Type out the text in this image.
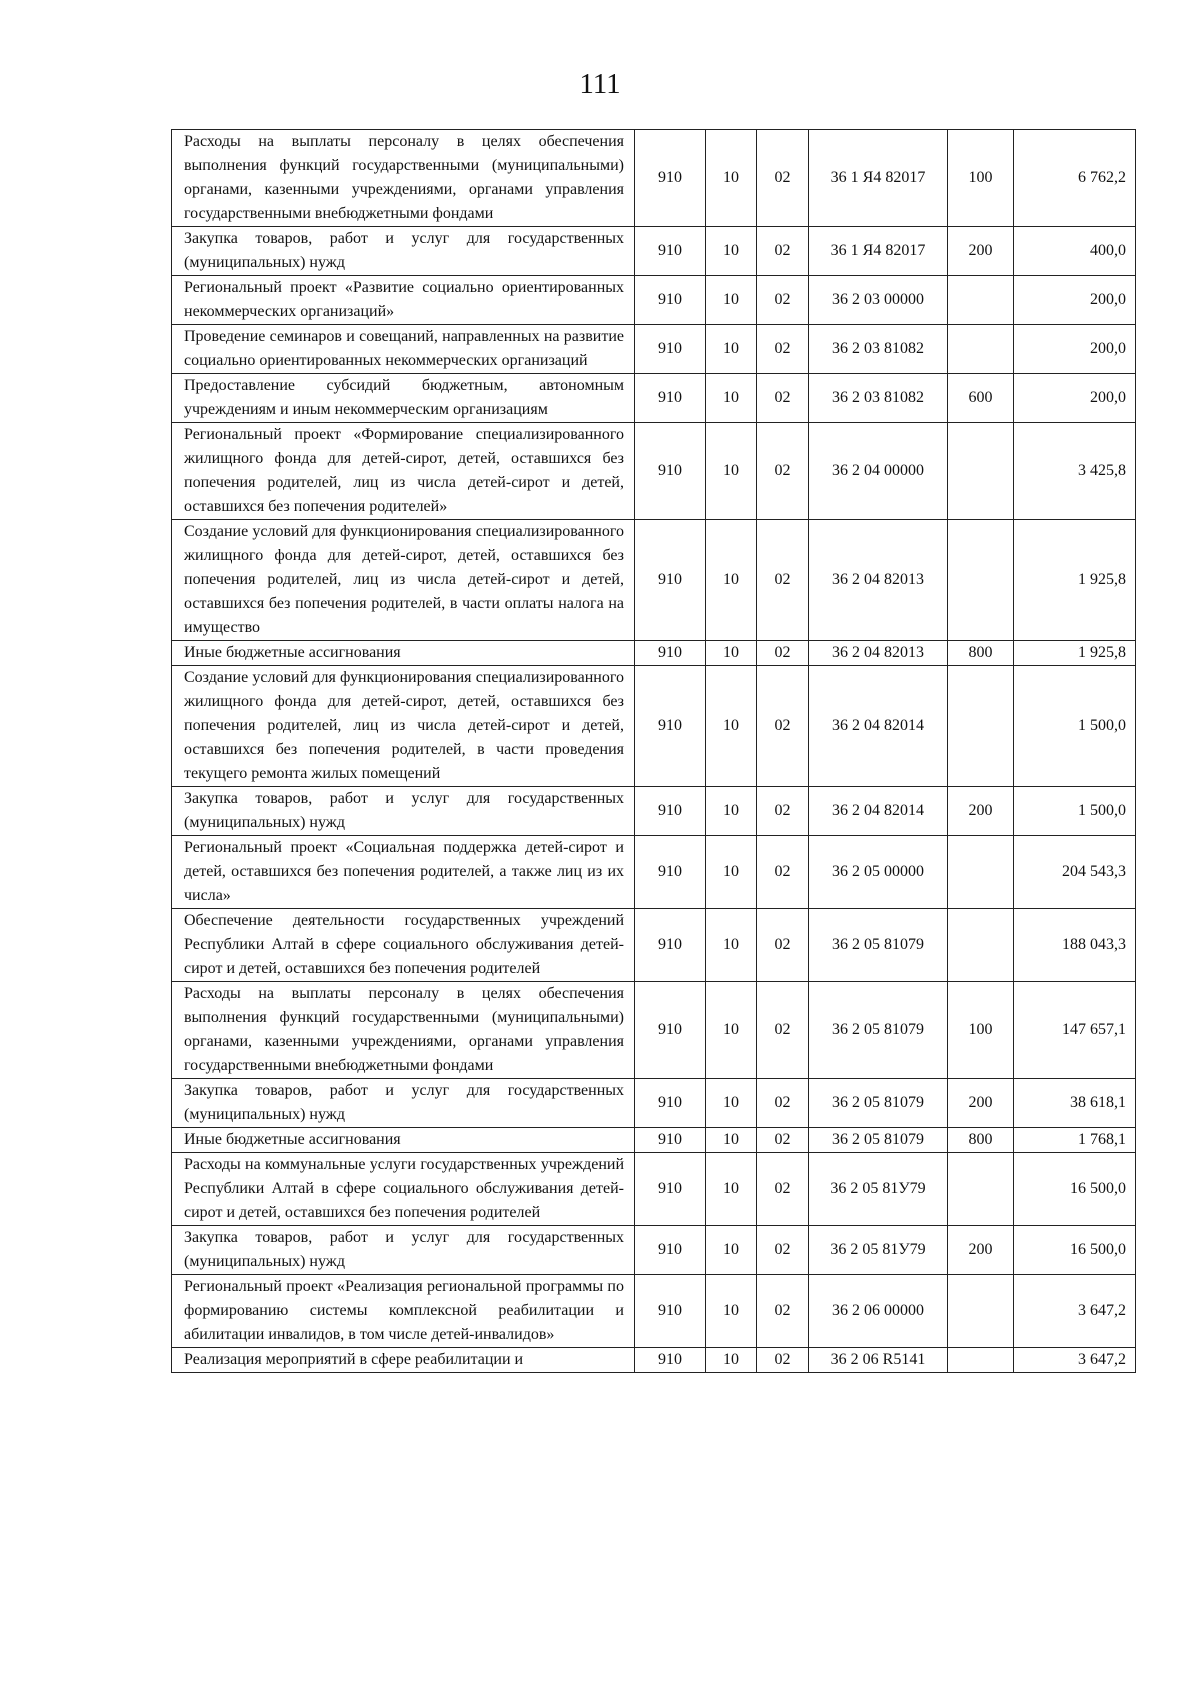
111
Расходы на выплаты персоналу в целях обеспечения выполнения функций государственными (муниципальными) органами, казенными учреждениями, органами управления государственными внебюджетными фондами	910	10	02	36 1 Я4 82017	100	6 762,2
Закупка товаров, работ и услуг для государственных (муниципальных) нужд	910	10	02	36 1 Я4 82017	200	400,0
Региональный проект «Развитие социально ориентированных некоммерческих организаций»	910	10	02	36 2 03 00000		200,0
Проведение семинаров и совещаний, направленных на развитие социально ориентированных некоммерческих организаций	910	10	02	36 2 03 81082		200,0
Предоставление субсидий бюджетным, автономным учреждениям и иным некоммерческим организациям	910	10	02	36 2 03 81082	600	200,0
Региональный проект «Формирование специализированного жилищного фонда для детей-сирот, детей, оставшихся без попечения родителей, лиц из числа детей-сирот и детей, оставшихся без попечения родителей»	910	10	02	36 2 04 00000		3 425,8
Создание условий для функционирования специализированного жилищного фонда для детей-сирот, детей, оставшихся без попечения родителей, лиц из числа детей-сирот и детей, оставшихся без попечения родителей, в части оплаты налога на имущество	910	10	02	36 2 04 82013		1 925,8
Иные бюджетные ассигнования	910	10	02	36 2 04 82013	800	1 925,8
Создание условий для функционирования специализированного жилищного фонда для детей-сирот, детей, оставшихся без попечения родителей, лиц из числа детей-сирот и детей, оставшихся без попечения родителей, в части проведения текущего ремонта жилых помещений	910	10	02	36 2 04 82014		1 500,0
Закупка товаров, работ и услуг для государственных (муниципальных) нужд	910	10	02	36 2 04 82014	200	1 500,0
Региональный проект «Социальная поддержка детей-сирот и детей, оставшихся без попечения родителей, а также лиц из их числа»	910	10	02	36 2 05 00000		204 543,3
Обеспечение деятельности государственных учреждений Республики Алтай в сфере социального обслуживания детей-сирот и детей, оставшихся без попечения родителей	910	10	02	36 2 05 81079		188 043,3
Расходы на выплаты персоналу в целях обеспечения выполнения функций государственными (муниципальными) органами, казенными учреждениями, органами управления государственными внебюджетными фондами	910	10	02	36 2 05 81079	100	147 657,1
Закупка товаров, работ и услуг для государственных (муниципальных) нужд	910	10	02	36 2 05 81079	200	38 618,1
Иные бюджетные ассигнования	910	10	02	36 2 05 81079	800	1 768,1
Расходы на коммунальные услуги государственных учреждений Республики Алтай в сфере социального обслуживания детей-сирот и детей, оставшихся без попечения родителей	910	10	02	36 2 05 81У79		16 500,0
Закупка товаров, работ и услуг для государственных (муниципальных) нужд	910	10	02	36 2 05 81У79	200	16 500,0
Региональный проект «Реализация региональной программы по формированию системы комплексной реабилитации и абилитации инвалидов, в том числе детей-инвалидов»	910	10	02	36 2 06 00000		3 647,2
Реализация мероприятий в сфере реабилитации и	910	10	02	36 2 06 R5141		3 647,2
